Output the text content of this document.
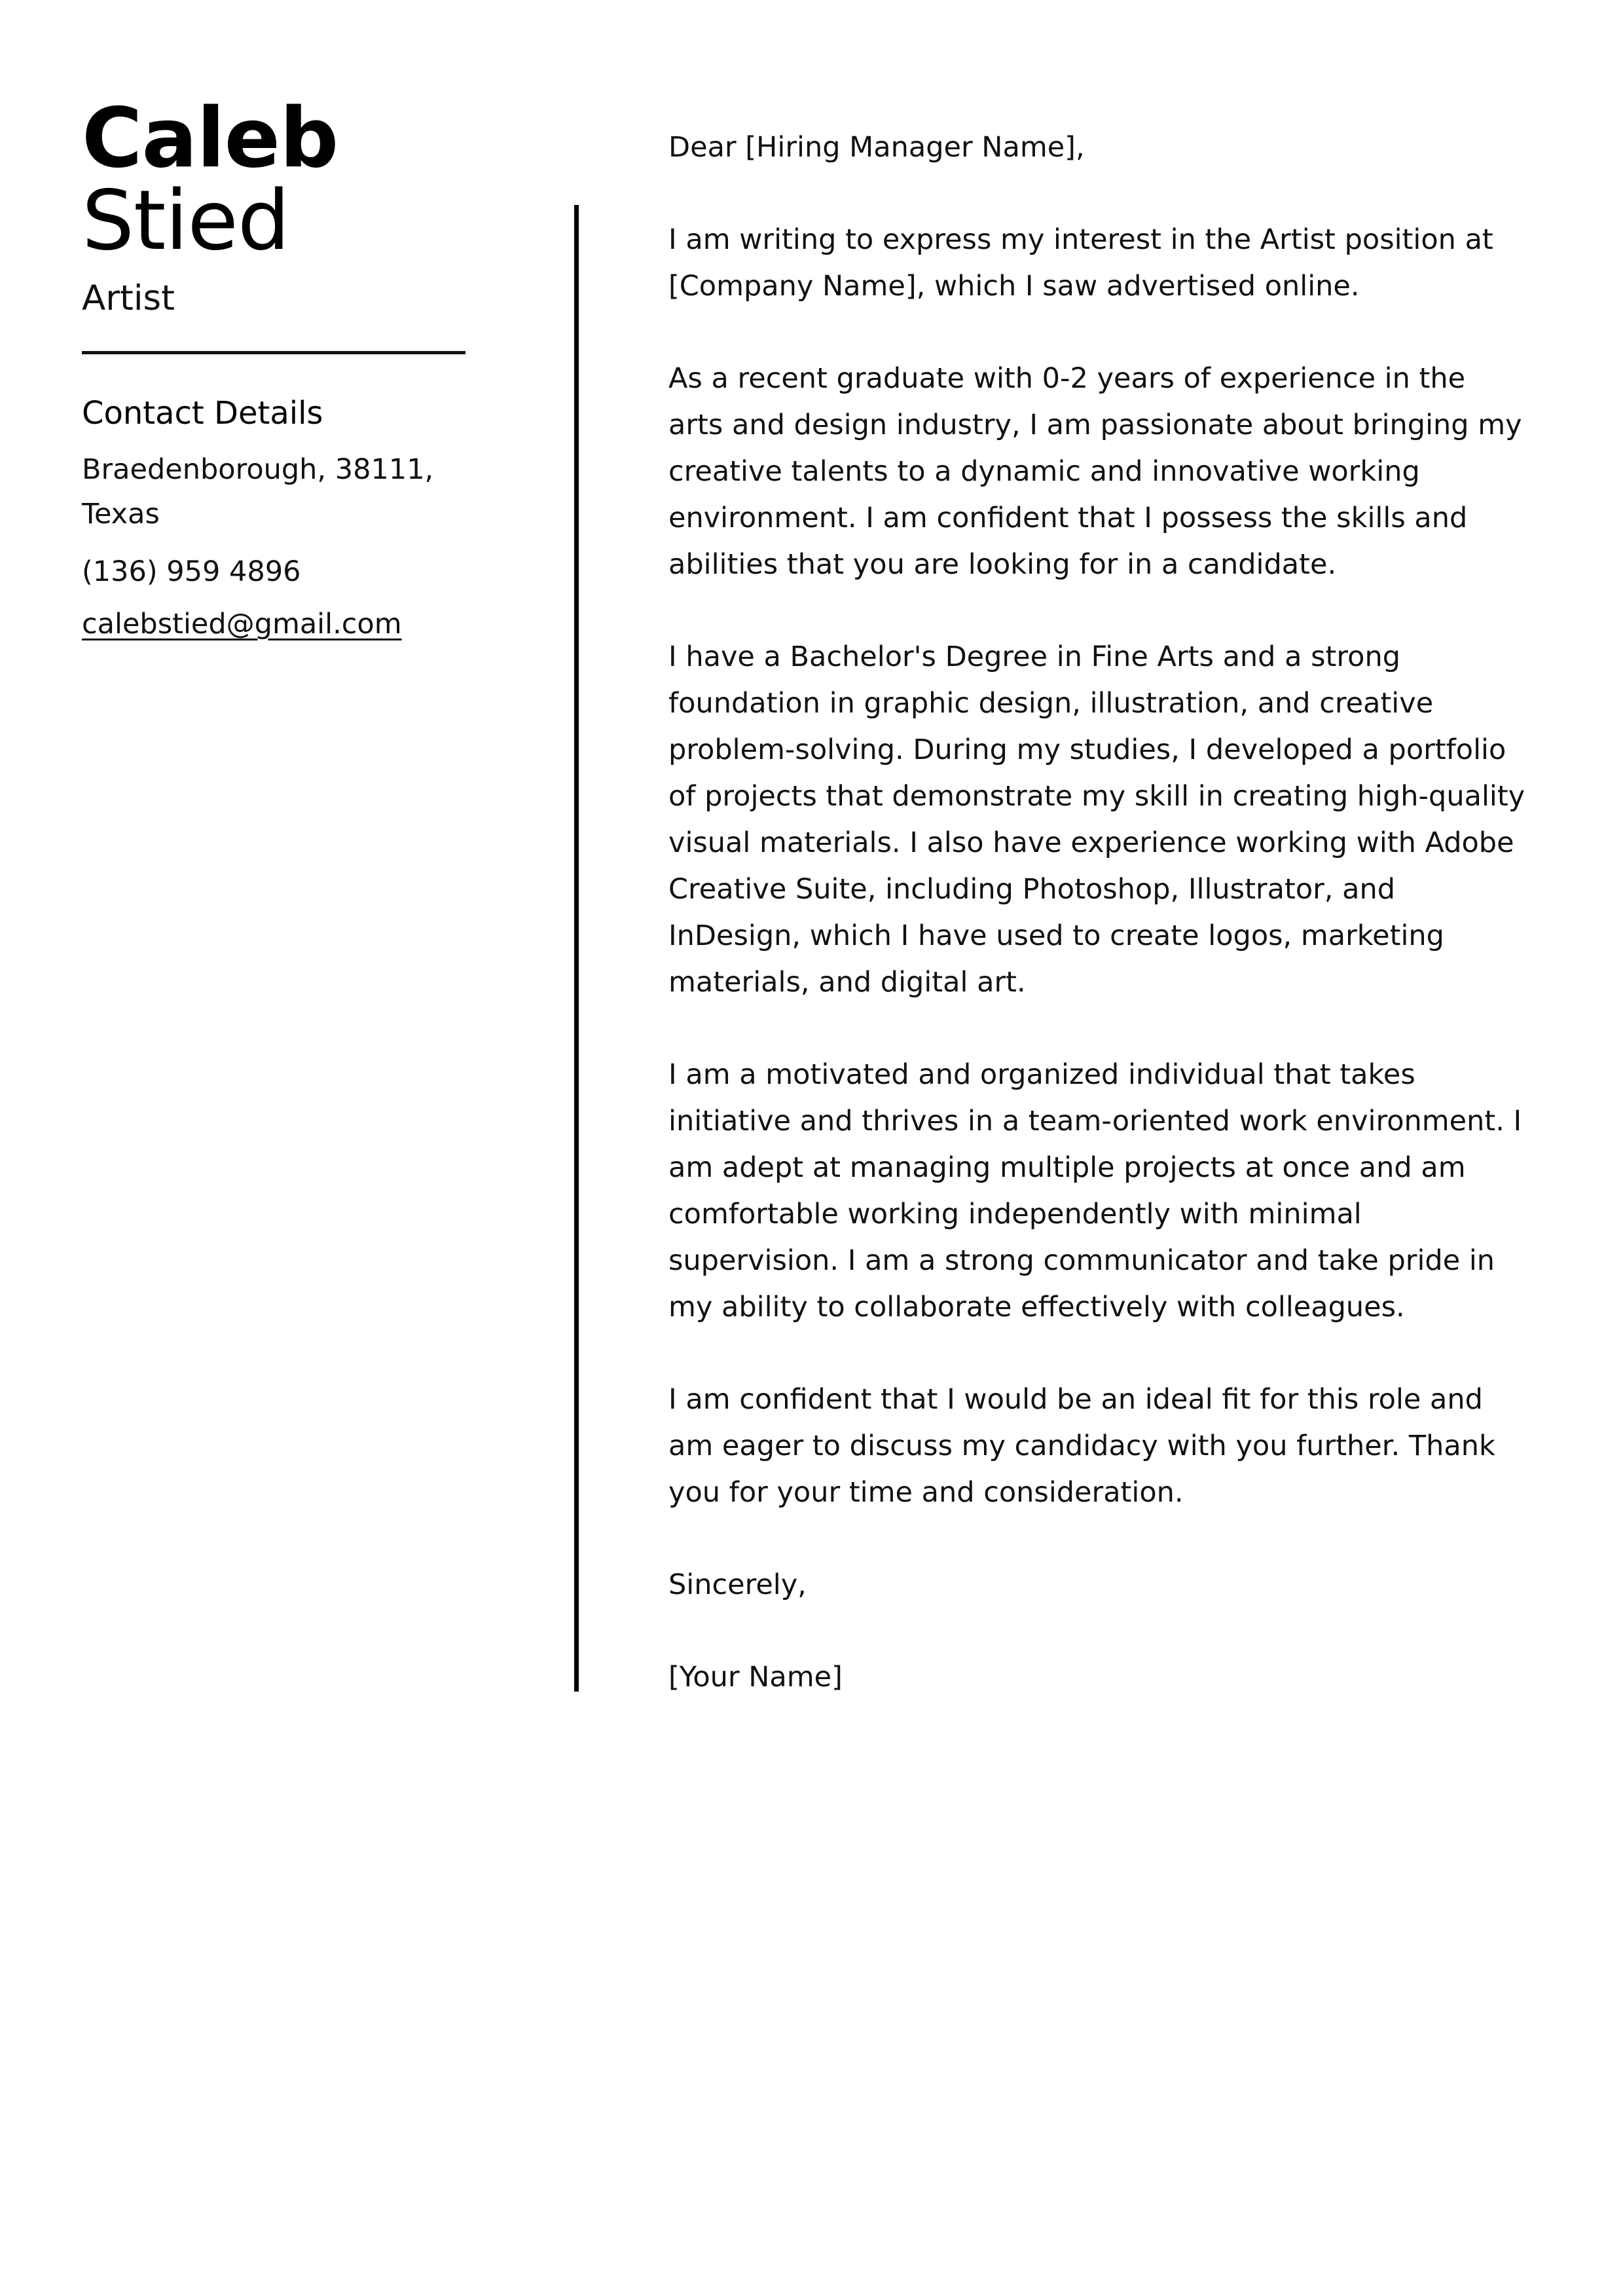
Caleb
Stied
Artist
Contact Details
Braedenborough, 38111, Texas
(136) 959 4896
calebstied@gmail.com

Dear [Hiring Manager Name],

I am writing to express my interest in the Artist position at [Company Name], which I saw advertised online.

As a recent graduate with 0-2 years of experience in the arts and design industry, I am passionate about bringing my creative talents to a dynamic and innovative working environment. I am confident that I possess the skills and abilities that you are looking for in a candidate.

I have a Bachelor's Degree in Fine Arts and a strong foundation in graphic design, illustration, and creative problem-solving. During my studies, I developed a portfolio of projects that demonstrate my skill in creating high-quality visual materials. I also have experience working with Adobe Creative Suite, including Photoshop, Illustrator, and InDesign, which I have used to create logos, marketing materials, and digital art.

I am a motivated and organized individual that takes initiative and thrives in a team-oriented work environment. I am adept at managing multiple projects at once and am comfortable working independently with minimal supervision. I am a strong communicator and take pride in my ability to collaborate effectively with colleagues.

I am confident that I would be an ideal fit for this role and am eager to discuss my candidacy with you further. Thank you for your time and consideration.

Sincerely,

[Your Name]
